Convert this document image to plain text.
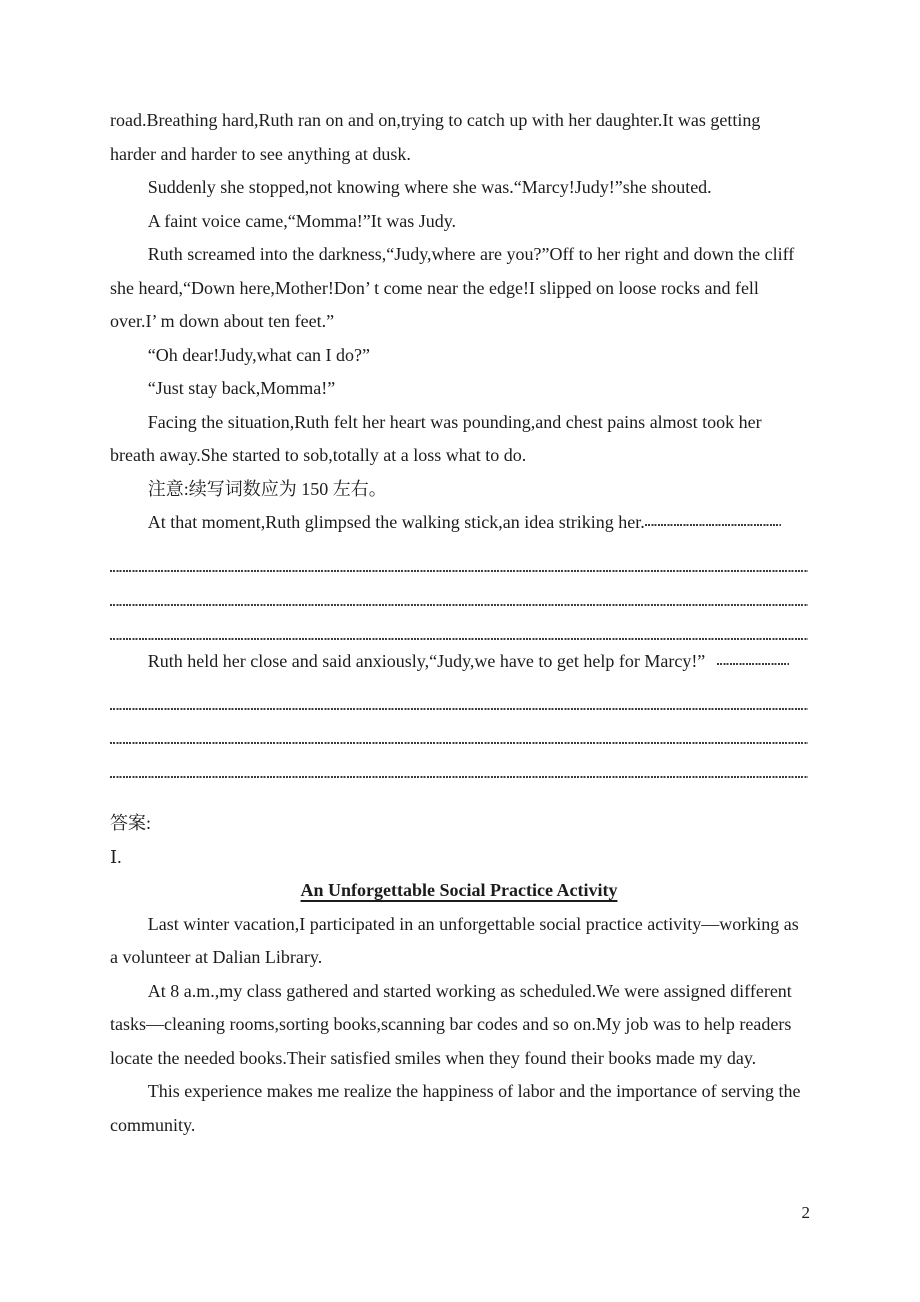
road.Breathing hard,Ruth ran on and on,trying to catch up with her daughter.It was getting harder and harder to see anything at dusk.

Suddenly she stopped,not knowing where she was.“Marcy!Judy!”she shouted.

A faint voice came,“Momma!”It was Judy.

Ruth screamed into the darkness,“Judy,where are you?”Off to her right and down the cliff she heard,“Down here,Mother!Don’ t come near the edge!I slipped on loose rocks and fell over.I’ m down about ten feet.”

“Oh dear!Judy,what can I do?”

“Just stay back,Momma!”

Facing the situation,Ruth felt her heart was pounding,and chest pains almost took her breath away.She started to sob,totally at a loss what to do.

注意:续写词数应为 150 左右。

At that moment,Ruth glimpsed the walking stick,an idea striking her.

Ruth held her close and said anxiously,“Judy,we have to get help for Marcy!”

答案:

Ⅰ.

An Unforgettable Social Practice Activity

Last winter vacation,I participated in an unforgettable social practice activity—working as a volunteer at Dalian Library.

At 8 a.m.,my class gathered and started working as scheduled.We were assigned different tasks—cleaning rooms,sorting books,scanning bar codes and so on.My job was to help readers locate the needed books.Their satisfied smiles when they found their books made my day.

This experience makes me realize the happiness of labor and the importance of serving the community.

2
